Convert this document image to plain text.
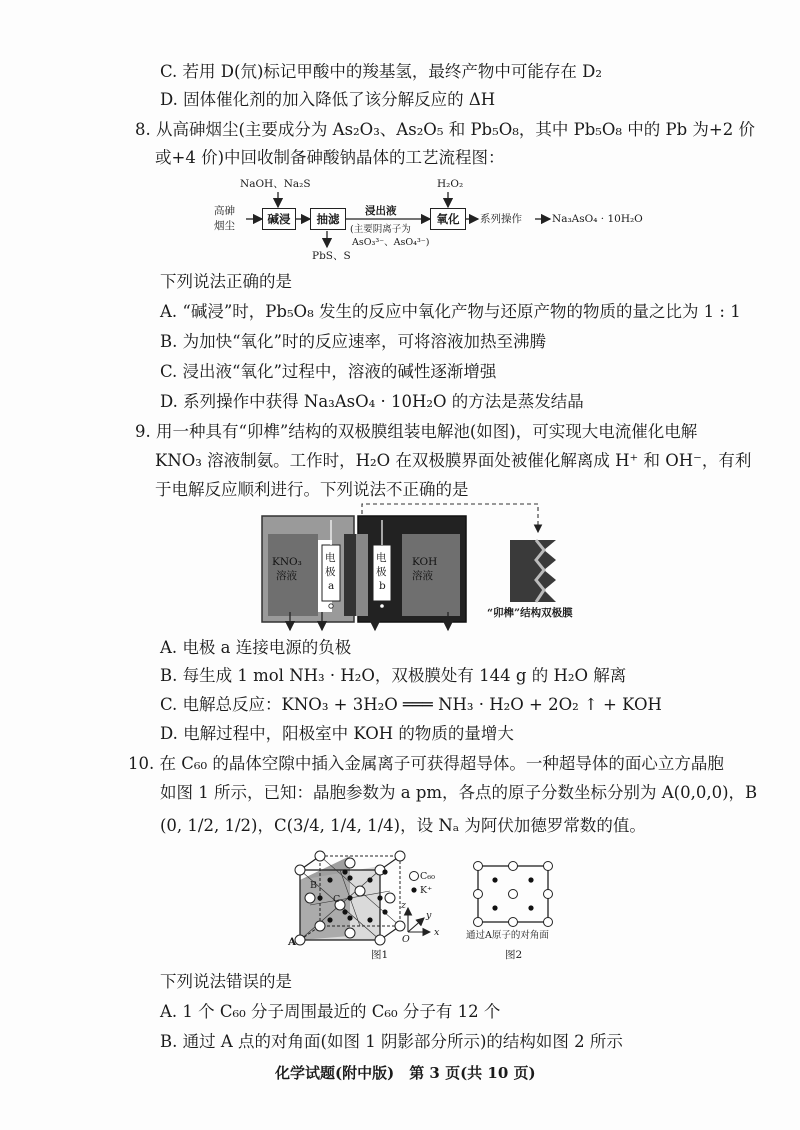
C. 若用 D(氘)标记甲酸中的羧基氢，最终产物中可能存在 D₂
D. 固体催化剂的加入降低了该分解反应的 ΔH
8. 从高砷烟尘(主要成分为 As₂O₃、As₂O₅ 和 Pb₅O₈，其中 Pb₅O₈ 中的 Pb 为+2 价
或+4 价)中回收制备砷酸钠晶体的工艺流程图：
高砷
烟尘
NaOH、Na₂S
碱浸	抽滤
PbS、S
浸出液
(主要阴离子为
AsO₃³⁻、AsO₄³⁻)
H₂O₂
氧化	系列操作	Na₃AsO₄ · 10H₂O
下列说法正确的是
A. “碱浸”时，Pb₅O₈ 发生的反应中氧化产物与还原产物的物质的量之比为 1 : 1
B. 为加快“氧化”时的反应速率，可将溶液加热至沸腾
C. 浸出液“氧化”过程中，溶液的碱性逐渐增强
D. 系列操作中获得 Na₃AsO₄ · 10H₂O 的方法是蒸发结晶
9. 用一种具有“卯榫”结构的双极膜组装电解池(如图)，可实现大电流催化电解
KNO₃ 溶液制氨。工作时，H₂O 在双极膜界面处被催化解离成 H⁺ 和 OH⁻，有利
于电解反应顺利进行。下列说法不正确的是
KNO₃
溶液
电
极
a
电
极
b
KOH
溶液
“卯榫”结构双极膜
A. 电极 a 连接电源的负极
B. 每生成 1 mol NH₃ · H₂O，双极膜处有 144 g 的 H₂O 解离
C. 电解总反应：KNO₃ + 3H₂O ═══ NH₃ · H₂O + 2O₂ ↑ + KOH
D. 电解过程中，阳极室中 KOH 的物质的量增大
10. 在 C₆₀ 的晶体空隙中插入金属离子可获得超导体。一种超导体的面心立方晶胞
如图 1 所示，已知：晶胞参数为 a pm，各点的原子分数坐标分别为 A(0,0,0)，B
(0, 1/2, 1/2)，C(3/4, 1/4, 1/4)，设 Nₐ 为阿伏加德罗常数的值。
C₆₀
K⁺
z
y
x
O
A
B
C
图1
通过A原子的对角面
图2
下列说法错误的是
A. 1 个 C₆₀ 分子周围最近的 C₆₀ 分子有 12 个
B. 通过 A 点的对角面(如图 1 阴影部分所示)的结构如图 2 所示
化学试题(附中版)　第 3 页(共 10 页)
